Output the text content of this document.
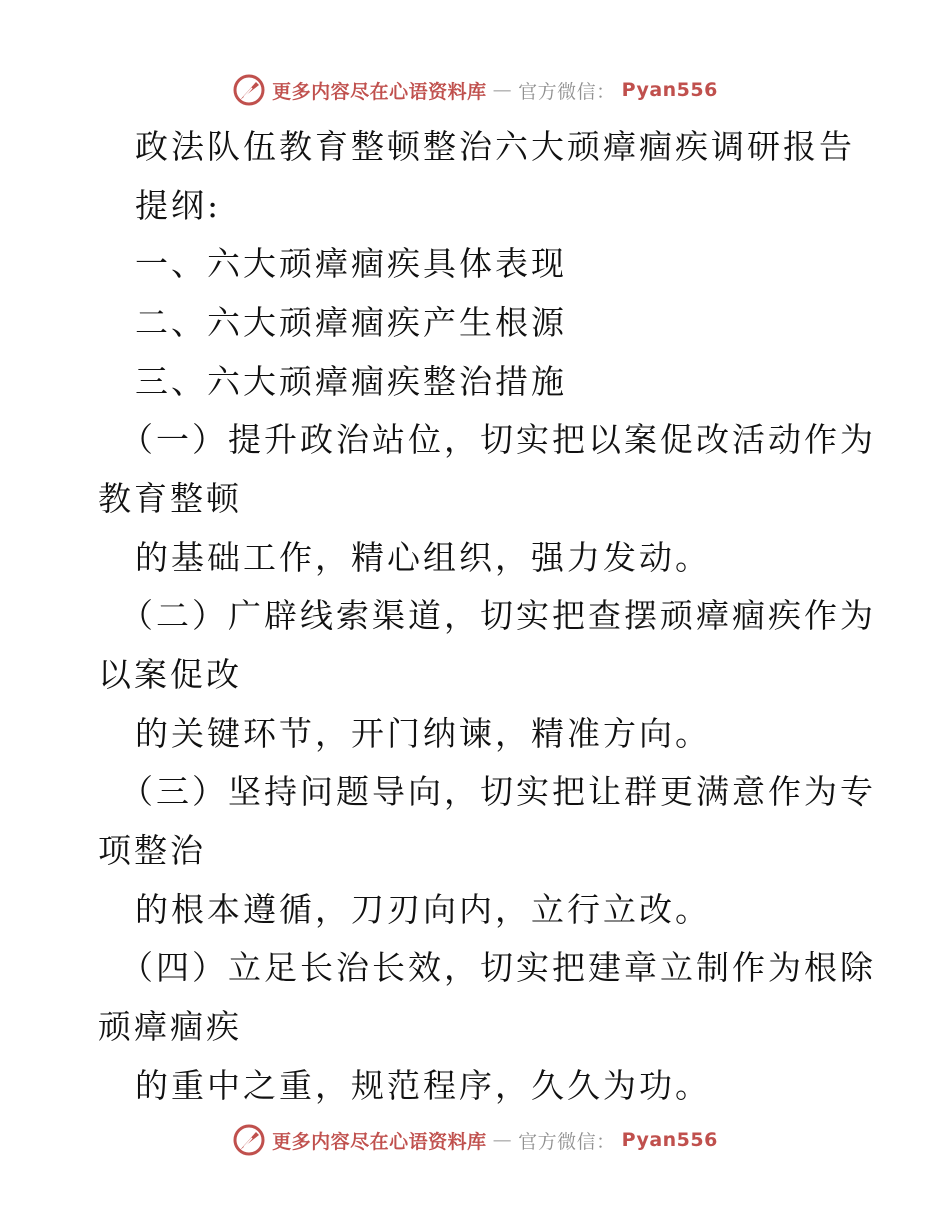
更多内容尽在心语资料库 — 官方微信： Pyan556
政法队伍教育整顿整治六大顽瘴痼疾调研报告
提纲:
一、六大顽瘴痼疾具体表现
二、六大顽瘴痼疾产生根源
三、六大顽瘴痼疾整治措施
（一）提升政治站位，切实把以案促改活动作为
教育整顿
的基础工作，精心组织，强力发动。
（二）广辟线索渠道，切实把查摆顽瘴痼疾作为
以案促改
的关键环节，开门纳谏，精准方向。
（三）坚持问题导向，切实把让群更满意作为专
项整治
的根本遵循，刀刃向内，立行立改。
（四）立足长治长效，切实把建章立制作为根除
顽瘴痼疾
的重中之重，规范程序，久久为功。
更多内容尽在心语资料库 — 官方微信： Pyan556
